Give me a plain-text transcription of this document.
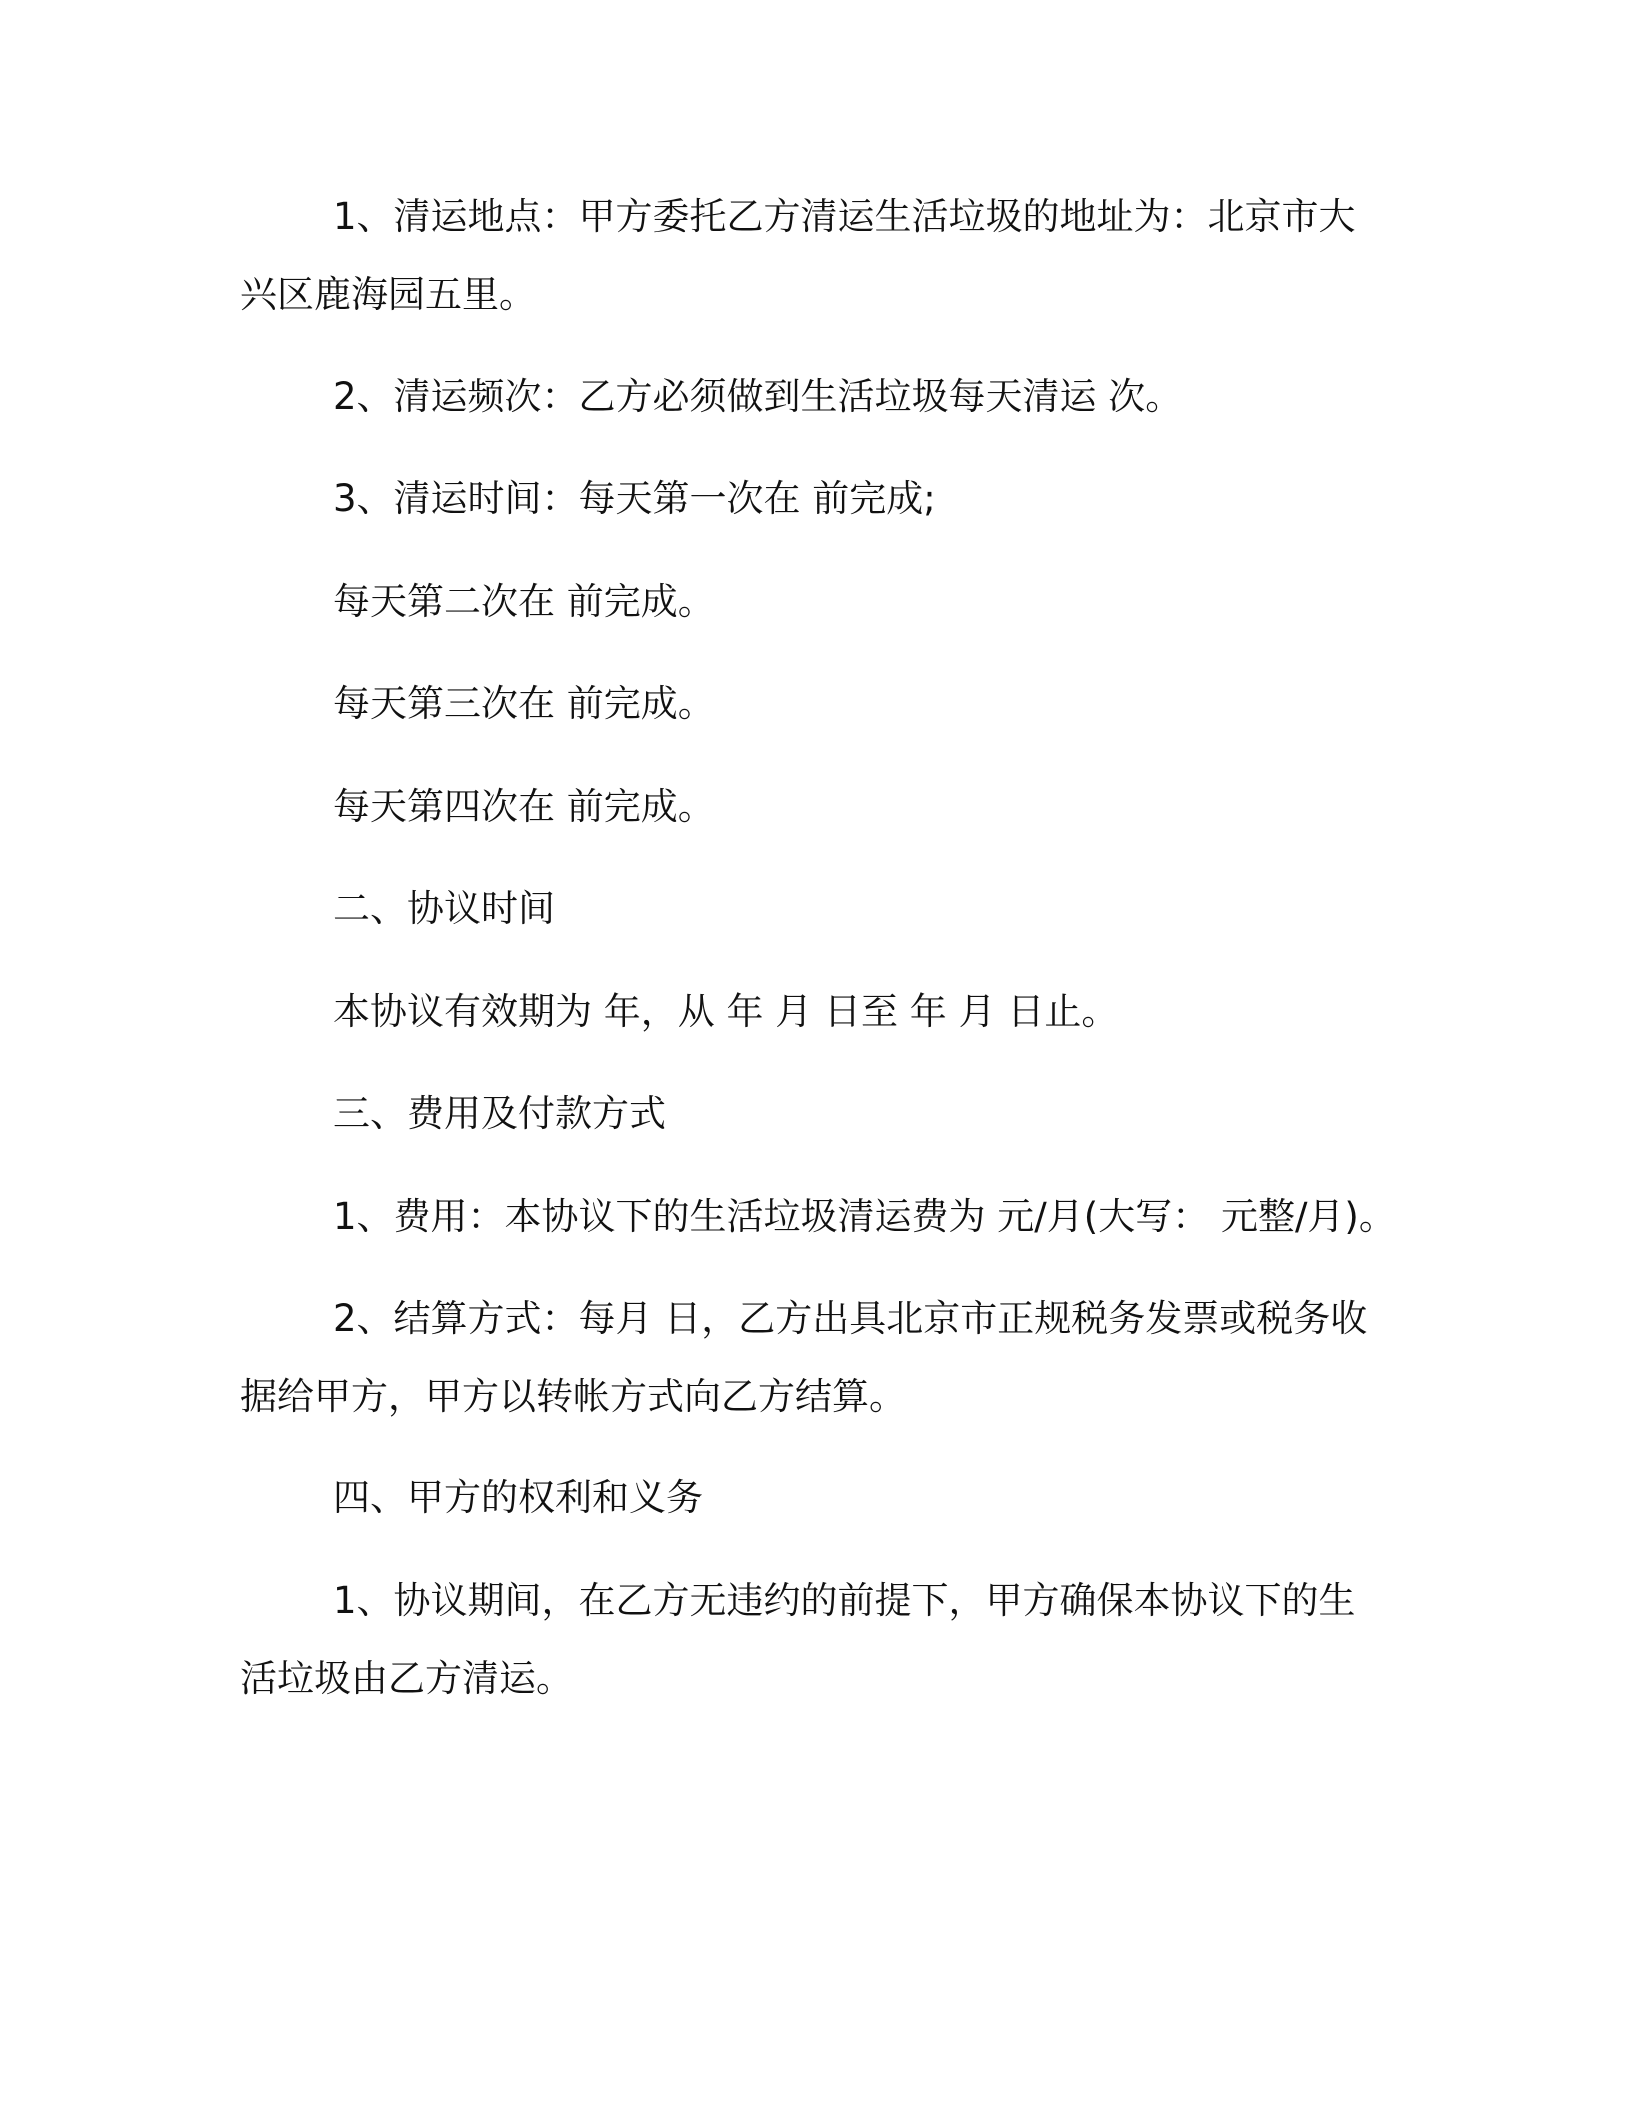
1、清运地点：甲方委托乙方清运生活垃圾的地址为：北京市大
兴区鹿海园五里。
2、清运频次：乙方必须做到生活垃圾每天清运 次。
3、清运时间：每天第一次在 前完成;
每天第二次在 前完成。
每天第三次在 前完成。
每天第四次在 前完成。
二、协议时间
本协议有效期为 年，从 年 月 日至 年 月 日止。
三、费用及付款方式
1、费用：本协议下的生活垃圾清运费为 元/月(大写： 元整/月)。
2、结算方式：每月 日，乙方出具北京市正规税务发票或税务收
据给甲方，甲方以转帐方式向乙方结算。
四、甲方的权利和义务
1、协议期间，在乙方无违约的前提下，甲方确保本协议下的生
活垃圾由乙方清运。
